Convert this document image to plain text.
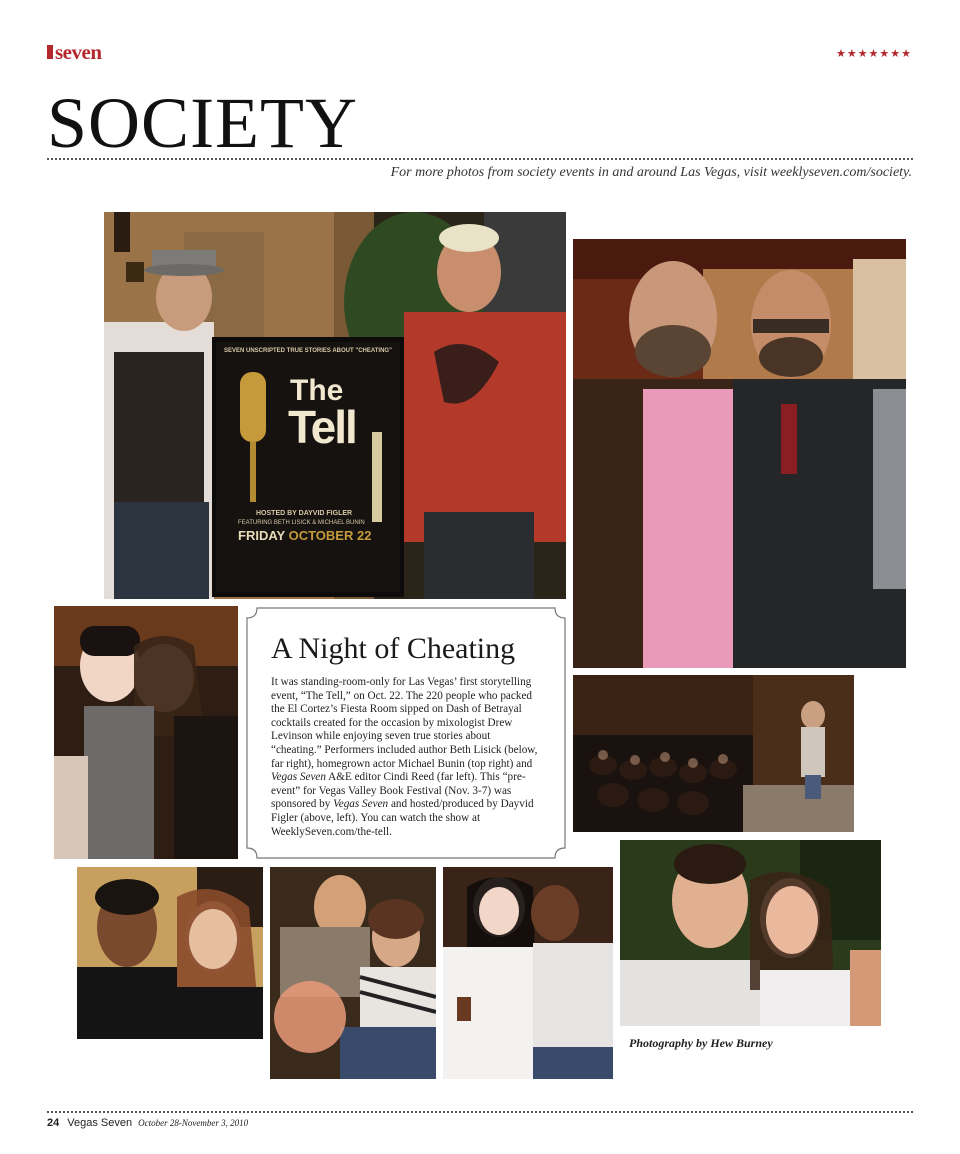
seven	★★★★★★★
SOCIETY
For more photos from society events in and around Las Vegas, visit weeklyseven.com/society.
SEVEN UNSCRIPTED TRUE STORIES ABOUT "CHEATING"
The
Tell
HOSTED BY DAYVID FIGLER
FEATURING BETH LISICK & MICHAEL BUNIN
FRIDAY OCTOBER 22
A Night of Cheating
It was standing-room-only for Las Vegas’ first storytelling event, “The Tell,” on Oct. 22. The 220 people who packed the El Cortez’s Fiesta Room sipped on Dash of Betrayal cocktails created for the occasion by mixologist Drew Levinson while enjoying seven true stories about “cheating.” Performers included author Beth Lisick (below, far right), homegrown actor Michael Bunin (top right) and Vegas Seven A&E editor Cindi Reed (far left). This “pre-event” for Vegas Valley Book Festival (Nov. 3-7) was sponsored by Vegas Seven and hosted/produced by Dayvid Figler (above, left). You can watch the show at WeeklySeven.com/the-tell.
Photography by Hew Burney
24 Vegas Seven October 28-November 3, 2010
